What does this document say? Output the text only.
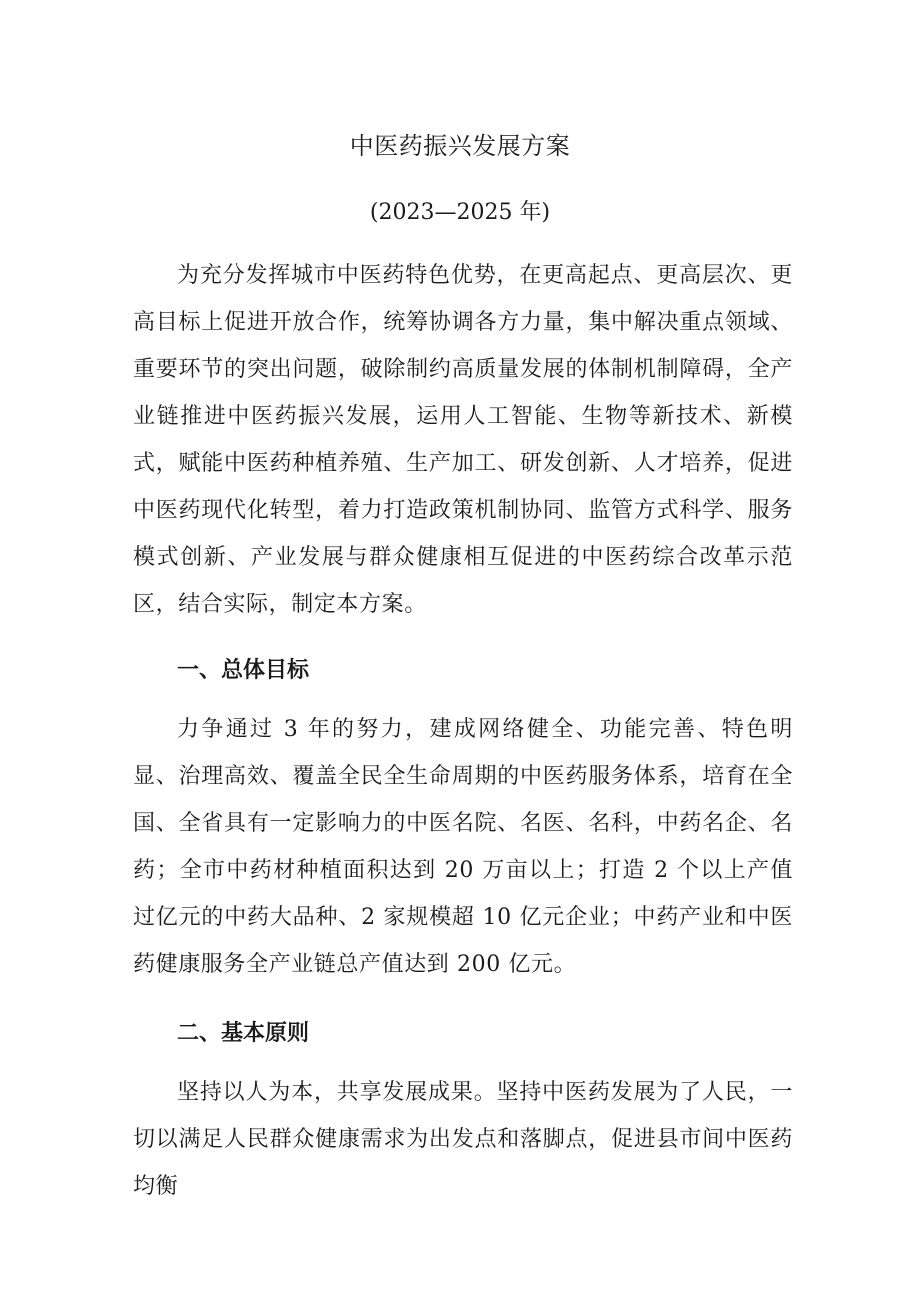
中医药振兴发展方案
(2023—2025 年)

为充分发挥城市中医药特色优势，在更高起点、更高层次、更高目标上促进开放合作，统筹协调各方力量，集中解决重点领域、重要环节的突出问题，破除制约高质量发展的体制机制障碍，全产业链推进中医药振兴发展，运用人工智能、生物等新技术、新模式，赋能中医药种植养殖、生产加工、研发创新、人才培养，促进中医药现代化转型，着力打造政策机制协同、监管方式科学、服务模式创新、产业发展与群众健康相互促进的中医药综合改革示范区，结合实际，制定本方案。

一、总体目标

力争通过 3 年的努力，建成网络健全、功能完善、特色明显、治理高效、覆盖全民全生命周期的中医药服务体系，培育在全国、全省具有一定影响力的中医名院、名医、名科，中药名企、名药；全市中药材种植面积达到 20 万亩以上；打造 2 个以上产值过亿元的中药大品种、2 家规模超 10 亿元企业；中药产业和中医药健康服务全产业链总产值达到 200 亿元。

二、基本原则

坚持以人为本，共享发展成果。坚持中医药发展为了人民，一切以满足人民群众健康需求为出发点和落脚点，促进县市间中医药均衡
